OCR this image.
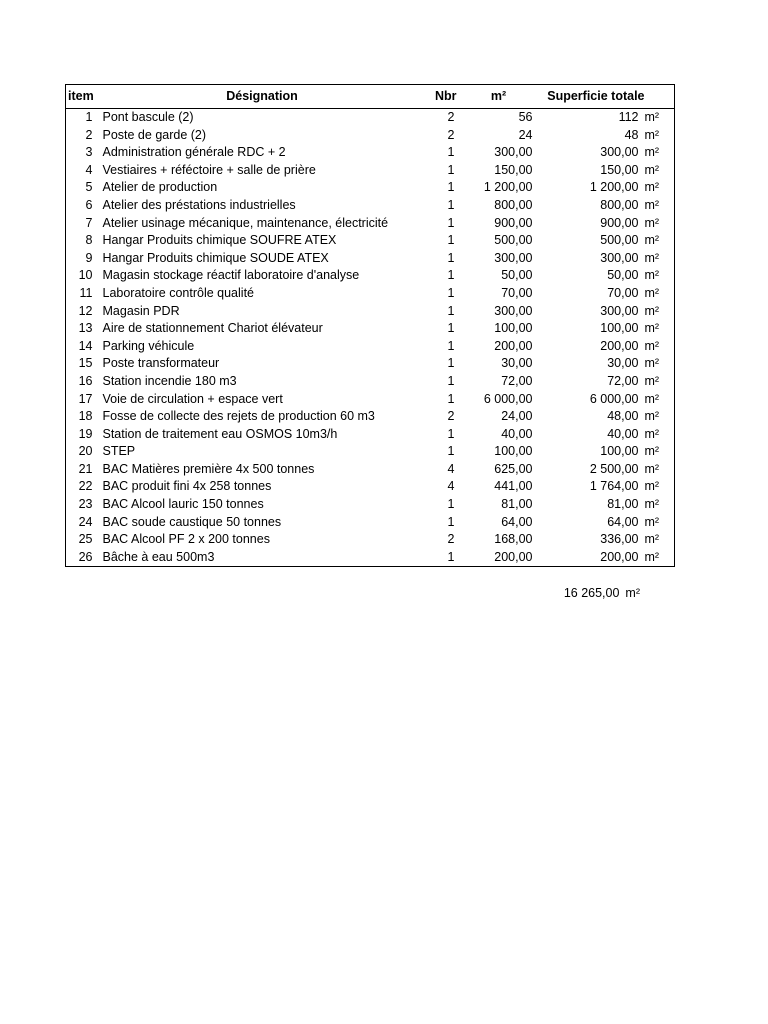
item	Désignation	Nbr	m²	Superficie totale	
1	Pont bascule (2)	2	56	112	m²
2	Poste de garde (2)	2	24	48	m²
3	Administration générale RDC + 2	1	300,00	300,00	m²
4	Vestiaires + réféctoire + salle de prière	1	150,00	150,00	m²
5	Atelier de production	1	1 200,00	1 200,00	m²
6	Atelier des préstations industrielles	1	800,00	800,00	m²
7	Atelier usinage mécanique, maintenance, électricité	1	900,00	900,00	m²
8	Hangar Produits chimique SOUFRE ATEX	1	500,00	500,00	m²
9	Hangar Produits chimique SOUDE ATEX	1	300,00	300,00	m²
10	Magasin stockage réactif laboratoire d'analyse	1	50,00	50,00	m²
11	Laboratoire contrôle qualité	1	70,00	70,00	m²
12	Magasin PDR	1	300,00	300,00	m²
13	Aire de stationnement Chariot élévateur	1	100,00	100,00	m²
14	Parking véhicule	1	200,00	200,00	m²
15	Poste transformateur	1	30,00	30,00	m²
16	Station incendie 180 m3	1	72,00	72,00	m²
17	Voie de circulation + espace vert	1	6 000,00	6 000,00	m²
18	Fosse de collecte des rejets de production 60 m3	2	24,00	48,00	m²
19	Station de traitement eau OSMOS 10m3/h	1	40,00	40,00	m²
20	STEP	1	100,00	100,00	m²
21	BAC Matières première 4x 500 tonnes	4	625,00	2 500,00	m²
22	BAC produit fini 4x 258 tonnes	4	441,00	1 764,00	m²
23	BAC Alcool lauric 150 tonnes	1	81,00	81,00	m²
24	BAC soude caustique 50 tonnes	1	64,00	64,00	m²
25	BAC Alcool PF 2 x 200 tonnes	2	168,00	336,00	m²
26	Bâche à eau 500m3	1	200,00	200,00	m²
16 265,00 m²
